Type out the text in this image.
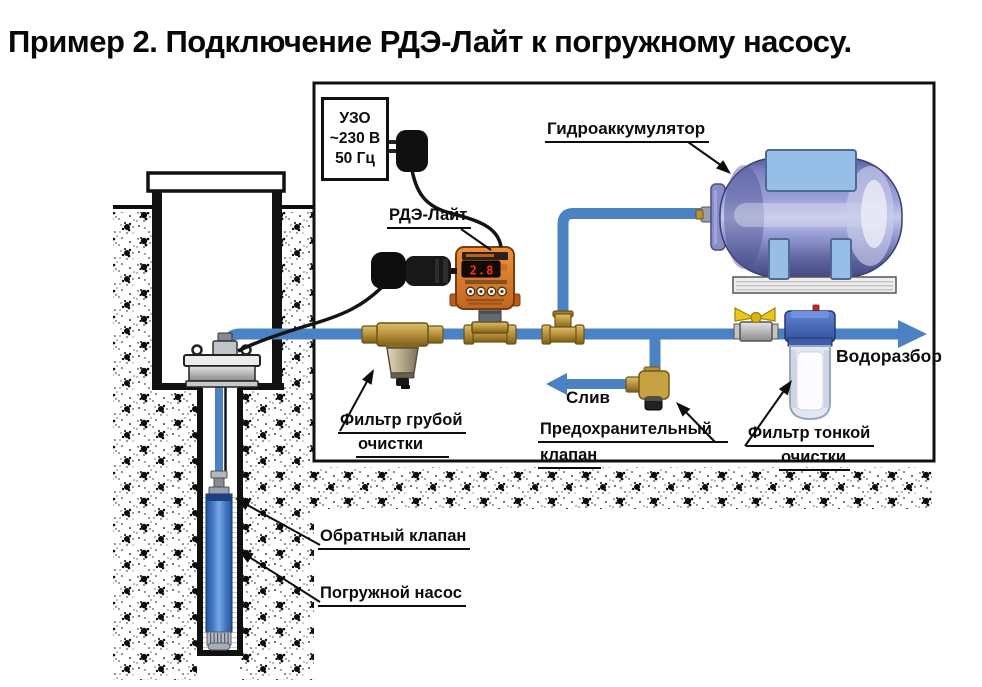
2.8
Пример 2. Подключение РДЭ-Лайт к погружному насосу.
УЗО
~230 В
50 Гц
РДЭ-Лайт
Гидроаккумулятор
Слив
Водоразбор
Фильтр грубой
очистки
Предохранительный
клапан
Фильтр тонкой
очистки
Обратный клапан
Погружной насос
